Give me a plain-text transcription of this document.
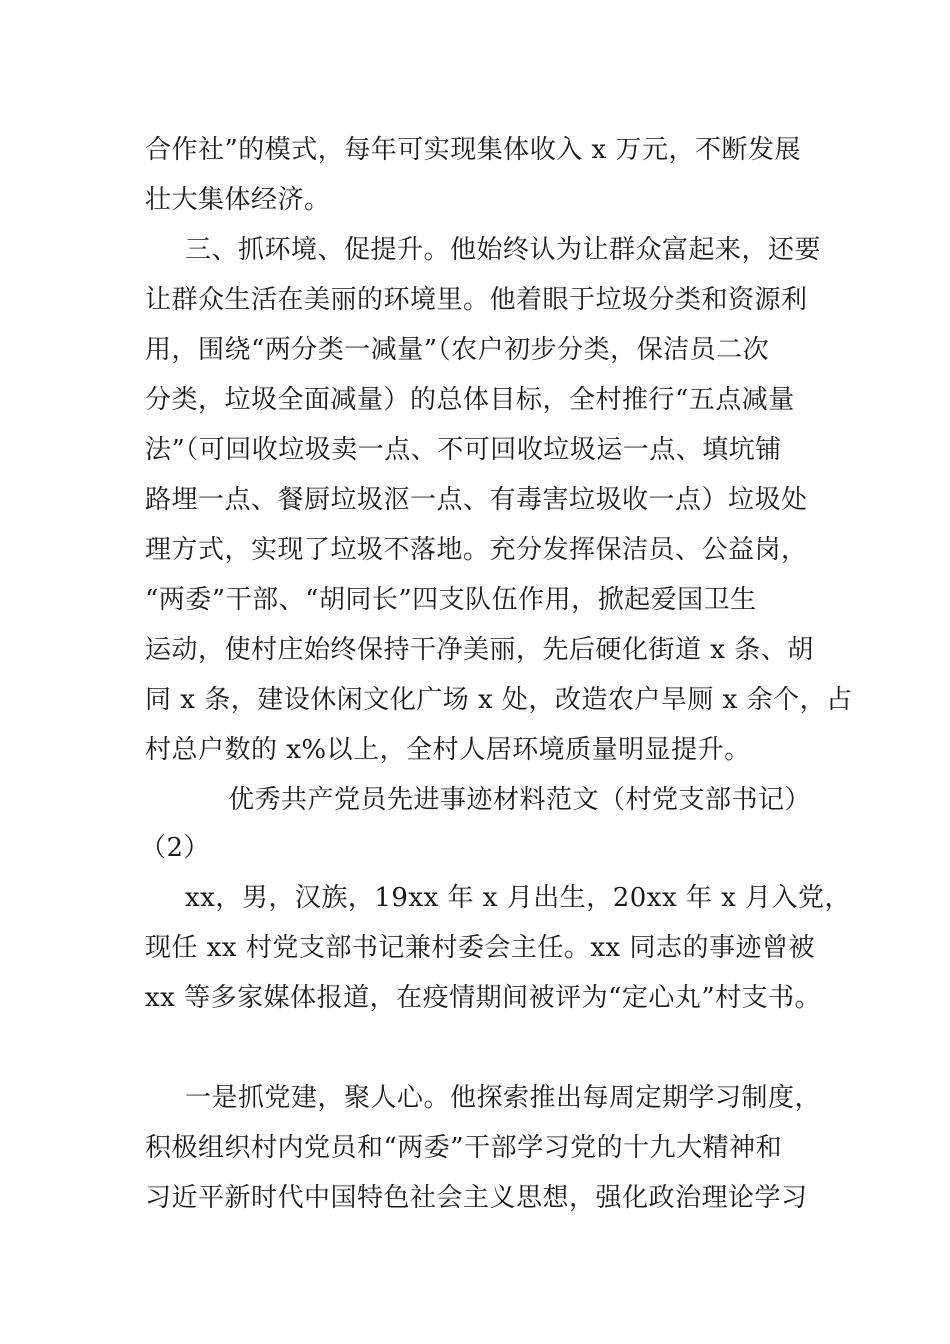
合作社”的模式，每年可实现集体收入 x 万元，不断发展
壮大集体经济。
三、抓环境、促提升。他始终认为让群众富起来，还要
让群众生活在美丽的环境里。他着眼于垃圾分类和资源利
用，围绕“两分类一减量”（农户初步分类，保洁员二次
分类，垃圾全面减量）的总体目标，全村推行“五点减量
法”（可回收垃圾卖一点、不可回收垃圾运一点、填坑铺
路埋一点、餐厨垃圾沤一点、有毒害垃圾收一点）垃圾处
理方式，实现了垃圾不落地。充分发挥保洁员、公益岗，
“两委”干部、“胡同长”四支队伍作用，掀起爱国卫生
运动，使村庄始终保持干净美丽，先后硬化街道 x 条、胡
同 x 条，建设休闲文化广场 x 处，改造农户旱厕 x 余个，占
村总户数的 x%以上，全村人居环境质量明显提升。
优秀共产党员先进事迹材料范文（村党支部书记）
（2）
xx，男，汉族，19xx 年 x 月出生，20xx 年 x 月入党，
现任 xx 村党支部书记兼村委会主任。xx 同志的事迹曾被
xx 等多家媒体报道，在疫情期间被评为“定心丸”村支书。
一是抓党建，聚人心。他探索推出每周定期学习制度，
积极组织村内党员和“两委”干部学习党的十九大精神和
习近平新时代中国特色社会主义思想，强化政治理论学习
